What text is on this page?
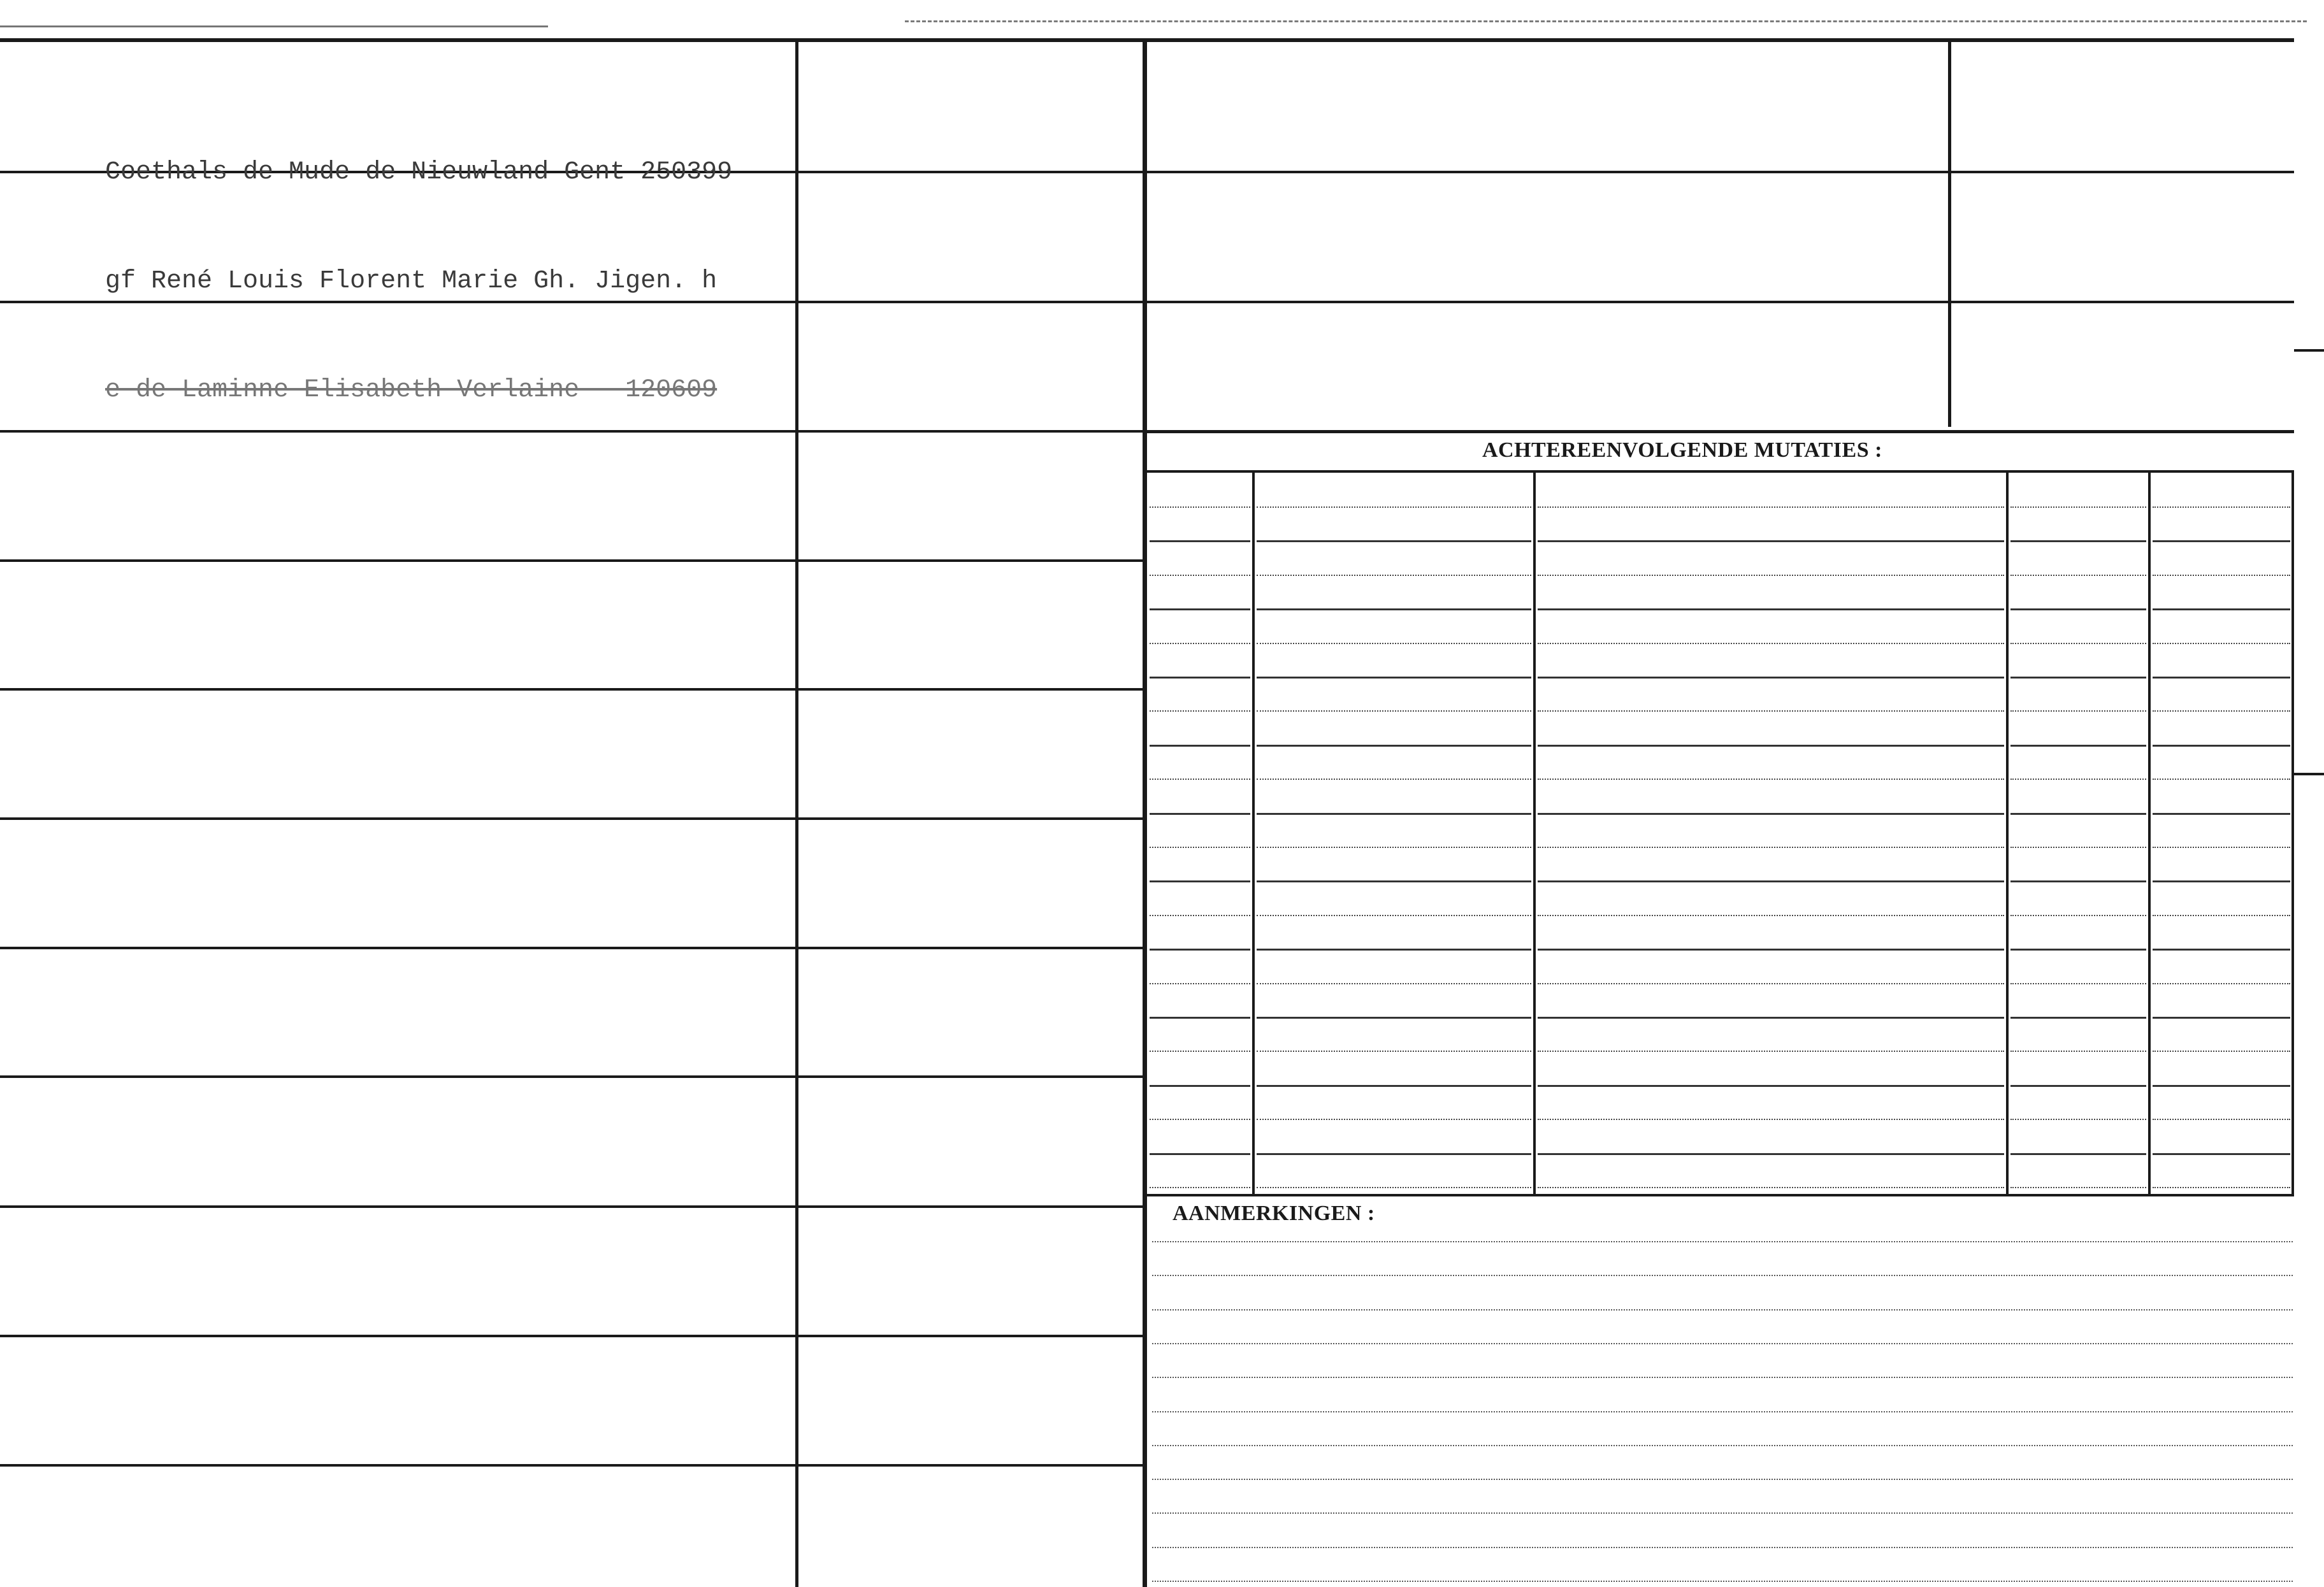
ACHTEREENVOLGENDE MUTATIES :
AANMERKINGEN :

Coethals de Mude de Nieuwland Gent 250399

gf René Louis Florent Marie Gh. Jigen. h

e de Laminne Elisabeth Verlaine   120609
